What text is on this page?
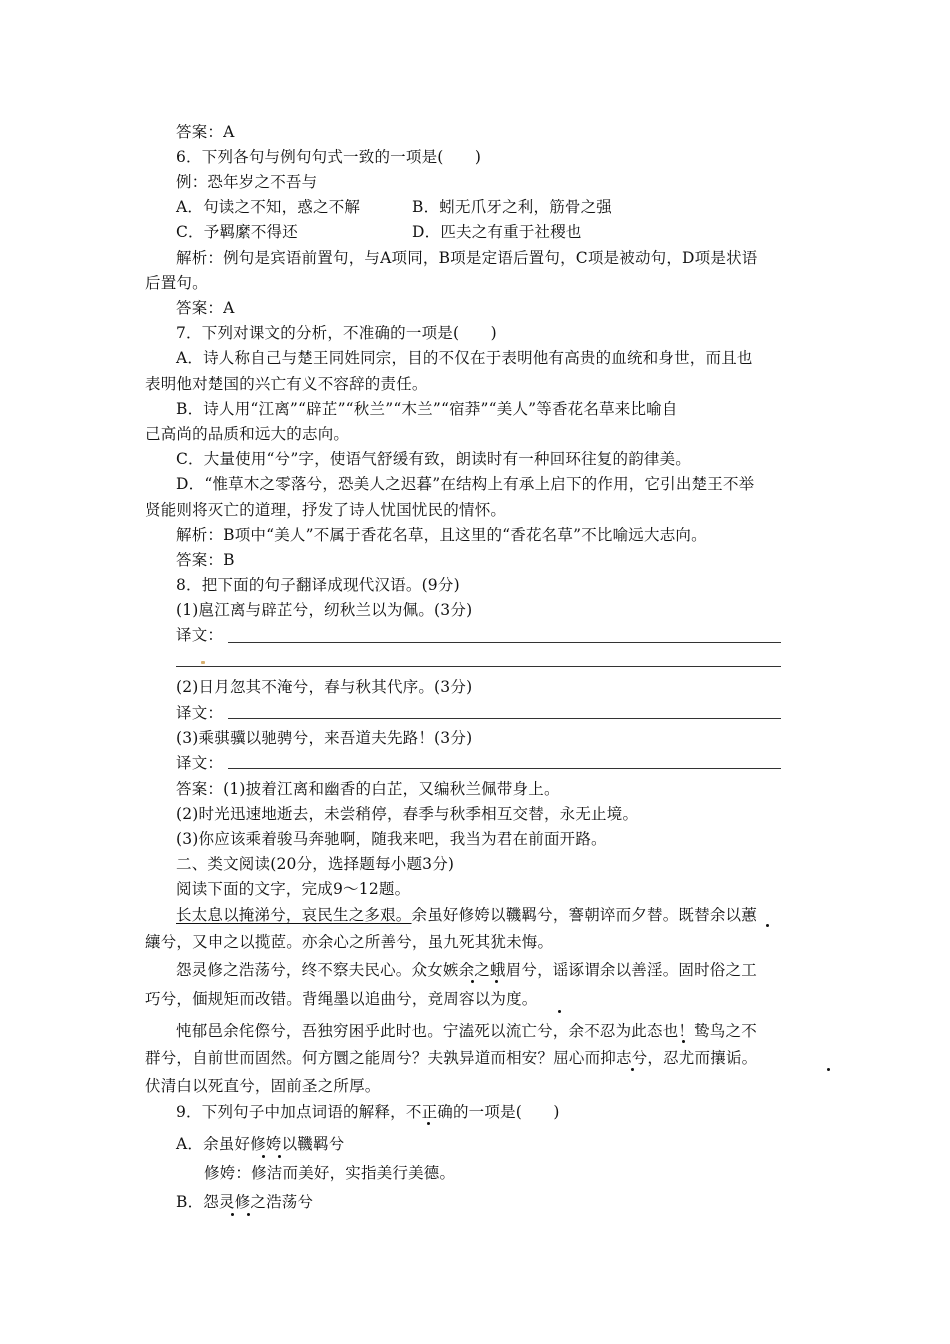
答案：A
6．下列各句与例句句式一致的一项是(　　)
例：恐年岁之不吾与
A．句读之不知，惑之不解	B．蚓无爪牙之利，筋骨之强
C．予羁縻不得还	D．匹夫之有重于社稷也
解析：例句是宾语前置句，与A项同，B项是定语后置句，C项是被动句，D项是状语
后置句。
答案：A
7．下列对课文的分析，不准确的一项是(　　)
A．诗人称自己与楚王同姓同宗，目的不仅在于表明他有高贵的血统和身世，而且也
表明他对楚国的兴亡有义不容辞的责任。
B．诗人用“江离”“辟芷”“秋兰”“木兰”“宿莽”“美人”等香花名草来比喻自
己高尚的品质和远大的志向。
C．大量使用“兮”字，使语气舒缓有致，朗读时有一种回环往复的韵律美。
D．“惟草木之零落兮，恐美人之迟暮”在结构上有承上启下的作用，它引出楚王不举
贤能则将灭亡的道理，抒发了诗人忧国忧民的情怀。
解析：B项中“美人”不属于香花名草，且这里的“香花名草”不比喻远大志向。
答案：B
8．把下面的句子翻译成现代汉语。(9分)
(1)扈江离与辟芷兮，纫秋兰以为佩。(3分)
译文：
(2)日月忽其不淹兮，春与秋其代序。(3分)
译文：
(3)乘骐骥以驰骋兮，来吾道夫先路！(3分)
译文：
答案：(1)披着江离和幽香的白芷，又编秋兰佩带身上。
(2)时光迅速地逝去，未尝稍停，春季与秋季相互交替，永无止境。
(3)你应该乘着骏马奔驰啊，随我来吧，我当为君在前面开路。
二、类文阅读(20分，选择题每小题3分)
阅读下面的文字，完成9～12题。
长太息以掩涕兮，哀民生之多艰。余虽好修姱以鞿羁兮，謇朝谇而夕替。既替余以蕙
纕兮，又申之以揽茝。亦余心之所善兮，虽九死其犹未悔。
怨灵修之浩荡兮，终不察夫民心。众女嫉余之蛾眉兮，谣诼谓余以善淫。固时俗之工
巧兮，偭规矩而改错。背绳墨以追曲兮，竞周容以为度。
忳郁邑余侘傺兮，吾独穷困乎此时也。宁溘死以流亡兮，余不忍为此态也！鸷鸟之不
群兮，自前世而固然。何方圜之能周兮？夫孰异道而相安？屈心而抑志兮，忍尤而攘诟。
伏清白以死直兮，固前圣之所厚。
9．下列句子中加点词语的解释，不正确的一项是(　　)
A．余虽好修姱以鞿羁兮
修姱：修洁而美好，实指美行美德。
B．怨灵修之浩荡兮
